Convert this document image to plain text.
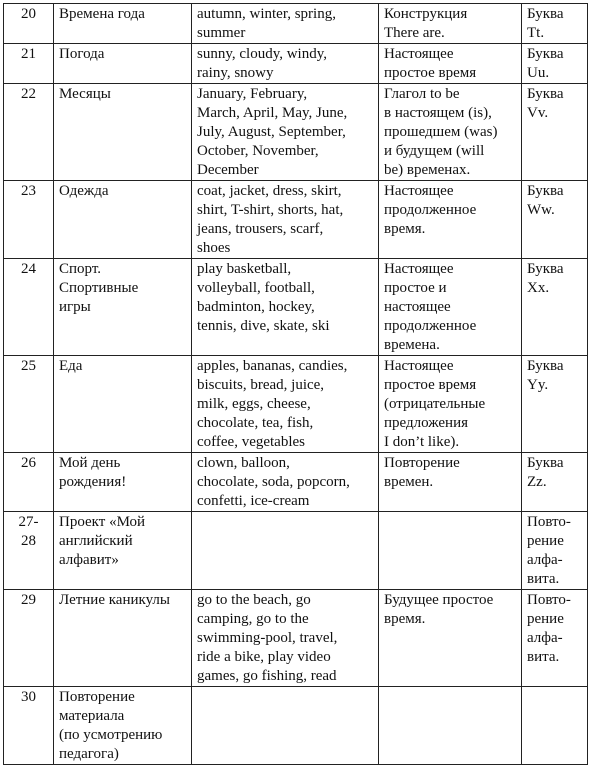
20	Времена года	autumn, winter, spring,
summer	Конструкция
There are.	Буква
Tt.
21	Погода	sunny, cloudy, windy,
rainy, snowy	Настоящее
простое время	Буква
Uu.
22	Месяцы	January, February,
March, April, May, June,
July, August, September,
October, November,
December	Глагол to be
в настоящем (is),
прошедшем (was)
и будущем (will
be) временах.	Буква
Vv.
23	Одежда	coat, jacket, dress, skirt,
shirt, T-shirt, shorts, hat,
jeans, trousers, scarf,
shoes	Настоящее
продолженное
время.	Буква
Ww.
24	Спорт.
Спортивные
игры	play basketball,
volleyball, football,
badminton, hockey,
tennis, dive, skate, ski	Настоящее
простое и
настоящее
продолженное
времена.	Буква
Xx.
25	Еда	apples, bananas, candies,
biscuits, bread, juice,
milk, eggs, cheese,
chocolate, tea, fish,
coffee, vegetables	Настоящее
простое время
(отрицательные
предложения
I don’t like).	Буква
Yy.
26	Мой день
рождения!	clown, balloon,
chocolate, soda, popcorn,
confetti, ice-cream	Повторение
времен.	Буква
Zz.
27-
28	Проект «Мой
английский
алфавит»			Повто-
рение
алфа-
вита.
29	Летние каникулы	go to the beach, go
camping, go to the
swimming-pool, travel,
ride a bike, play video
games, go fishing, read	Будущее простое
время.	Повто-
рение
алфа-
вита.
30	Повторение
материала
(по усмотрению
педагога)			
